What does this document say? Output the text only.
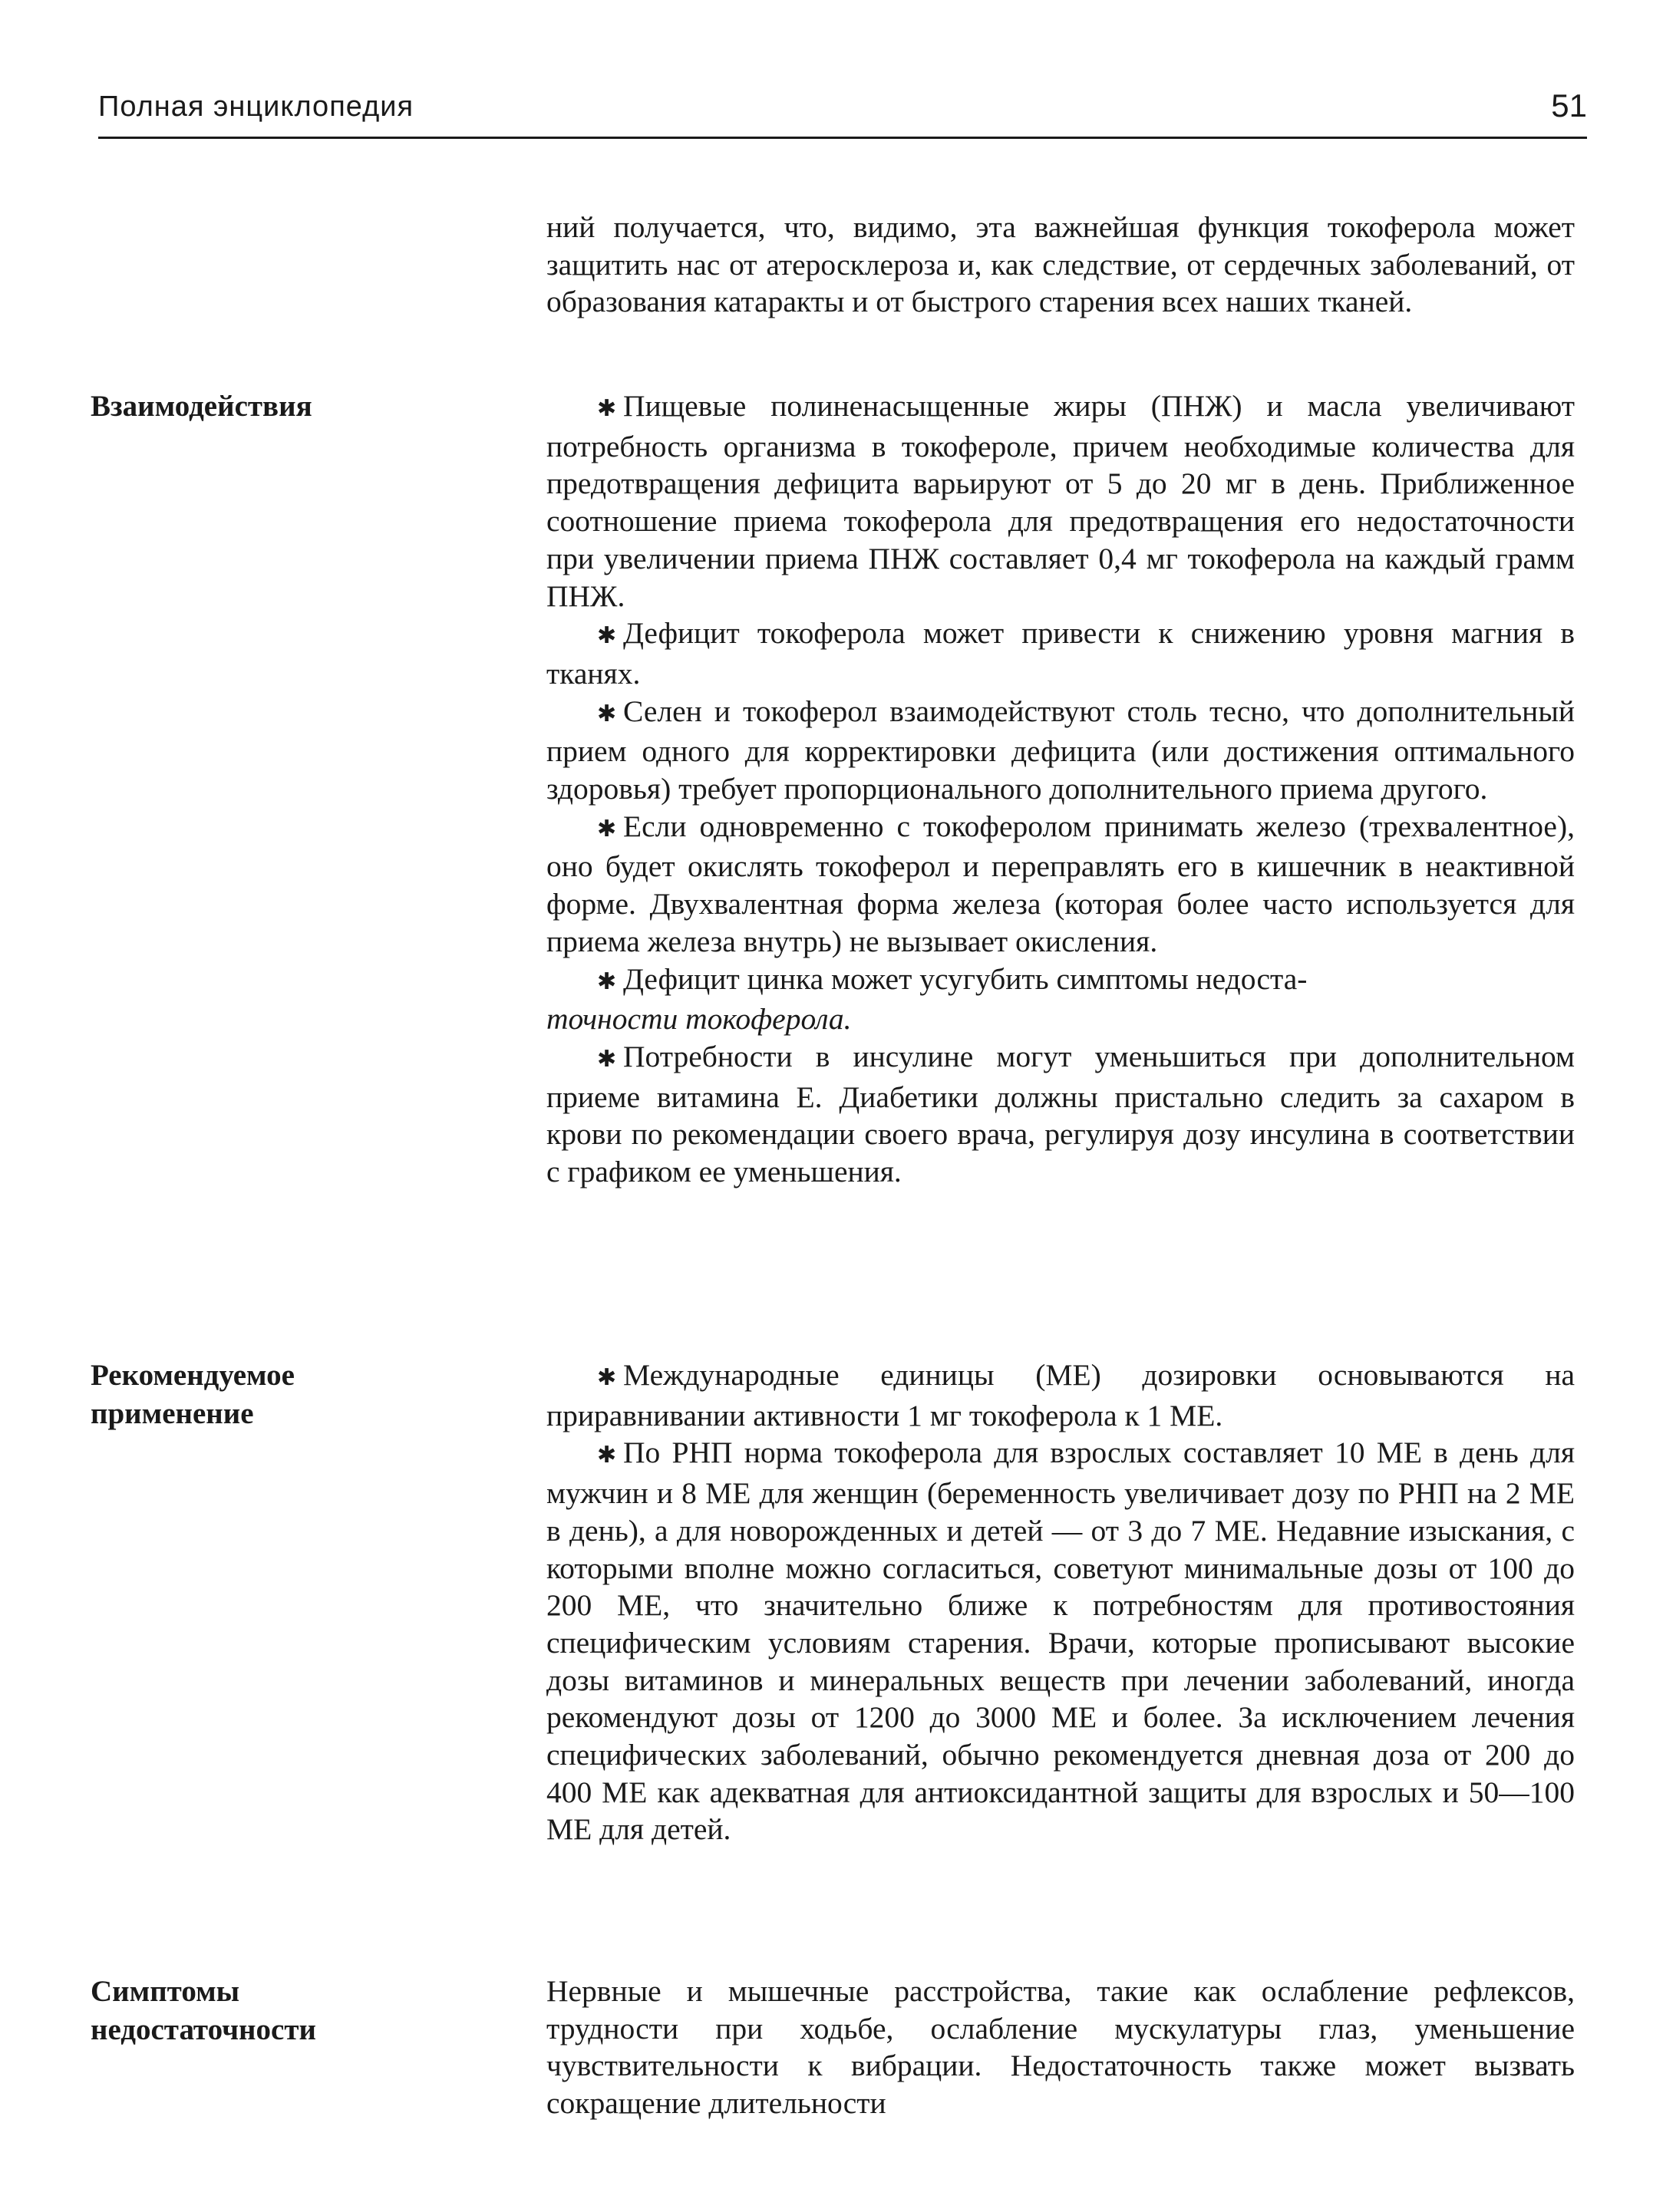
Полная энциклопедия	51

ний получается, что, видимо, эта важнейшая функция токоферола может защитить нас от атеросклероза и, как следствие, от сердечных заболеваний, от образования катаракты и от быстрого старения всех наших тканей.

Взаимодействия	✱ Пищевые полиненасыщенные жиры (ПНЖ) и масла увеличивают потребность организма в токофероле, причем необходимые количества для предотвращения дефицита варьируют от 5 до 20 мг в день. Приближенное соотношение приема токоферола для предотвращения его недостаточности при увеличении приема ПНЖ составляет 0,4 мг токоферола на каждый грамм ПНЖ.

✱ Дефицит токоферола может привести к снижению уровня магния в тканях.

✱ Селен и токоферол взаимодействуют столь тесно, что дополнительный прием одного для корректировки дефицита (или достижения оптимального здоровья) требует пропорционального дополнительного приема другого.

✱ Если одновременно с токоферолом принимать железо (трехвалентное), оно будет окислять токоферол и переправлять его в кишечник в неактивной форме. Двухвалентная форма железа (которая более часто используется для приема железа внутрь) не вызывает окисления.

✱ Дефицит цинка может усугубить симптомы недоста-
точности токоферола.

✱ Потребности в инсулине могут уменьшиться при дополнительном приеме витамина Е. Диабетики должны пристально следить за сахаром в крови по рекомендации своего врача, регулируя дозу инсулина в соответствии с графиком ее уменьшения.

Рекомендуемое
применение

✱ Международные единицы (МЕ) дозировки основываются на приравнивании активности 1 мг токоферола к 1 МЕ.

✱ По РНП норма токоферола для взрослых составляет 10 МЕ в день для мужчин и 8 МЕ для женщин (беременность увеличивает дозу по РНП на 2 МЕ в день), а для новорожденных и детей — от 3 до 7 МЕ. Недавние изыскания, с которыми вполне можно согласиться, советуют минимальные дозы от 100 до 200 МЕ, что значительно ближе к потребностям для противостояния специфическим условиям старения. Врачи, которые прописывают высокие дозы витаминов и минеральных веществ при лечении заболеваний, иногда рекомендуют дозы от 1200 до 3000 МЕ и более. За исключением лечения специфических заболеваний, обычно рекомендуется дневная доза от 200 до 400 МЕ как адекватная для антиоксидантной защиты для взрослых и 50—100 МЕ для детей.

Симптомы
недостаточности

Нервные и мышечные расстройства, такие как ослабление рефлексов, трудности при ходьбе, ослабление мускулатуры глаз, уменьшение чувствительности к вибрации. Недостаточность также может вызвать сокращение длительности
